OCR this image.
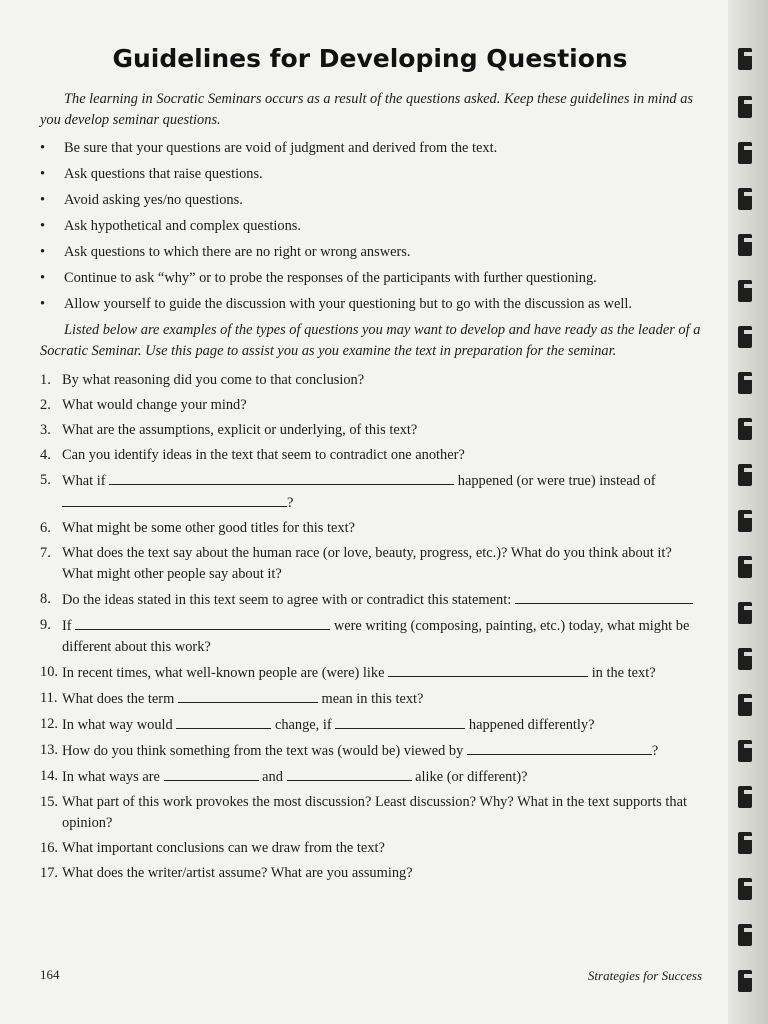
Guidelines for Developing Questions
The learning in Socratic Seminars occurs as a result of the questions asked. Keep these guidelines in mind as you develop seminar questions.
• Be sure that your questions are void of judgment and derived from the text.
• Ask questions that raise questions.
• Avoid asking yes/no questions.
• Ask hypothetical and complex questions.
• Ask questions to which there are no right or wrong answers.
• Continue to ask “why” or to probe the responses of the participants with further questioning.
• Allow yourself to guide the discussion with your questioning but to go with the discussion as well.
Listed below are examples of the types of questions you may want to develop and have ready as the leader of a Socratic Seminar. Use this page to assist you as you examine the text in preparation for the seminar.
1. By what reasoning did you come to that conclusion?
2. What would change your mind?
3. What are the assumptions, explicit or underlying, of this text?
4. Can you identify ideas in the text that seem to contradict one another?
5. What if	happened (or were true) instead of
?
6. What might be some other good titles for this text?
7. What does the text say about the human race (or love, beauty, progress, etc.)? What do you think about it? What might other people say about it?
8. Do the ideas stated in this text seem to agree with or contradict this statement:
9. If	were writing (composing, painting, etc.) today, what might be different about this work?
10. In recent times, what well-known people are (were) like	in the text?
11. What does the term	mean in this text?
12. In what way would	change, if	happened differently?
13. How do you think something from the text was (would be) viewed by	?
14. In what ways are	and	alike (or different)?
15. What part of this work provokes the most discussion? Least discussion? Why? What in the text supports that opinion?
16. What important conclusions can we draw from the text?
17. What does the writer/artist assume? What are you assuming?
164	Strategies for Success
